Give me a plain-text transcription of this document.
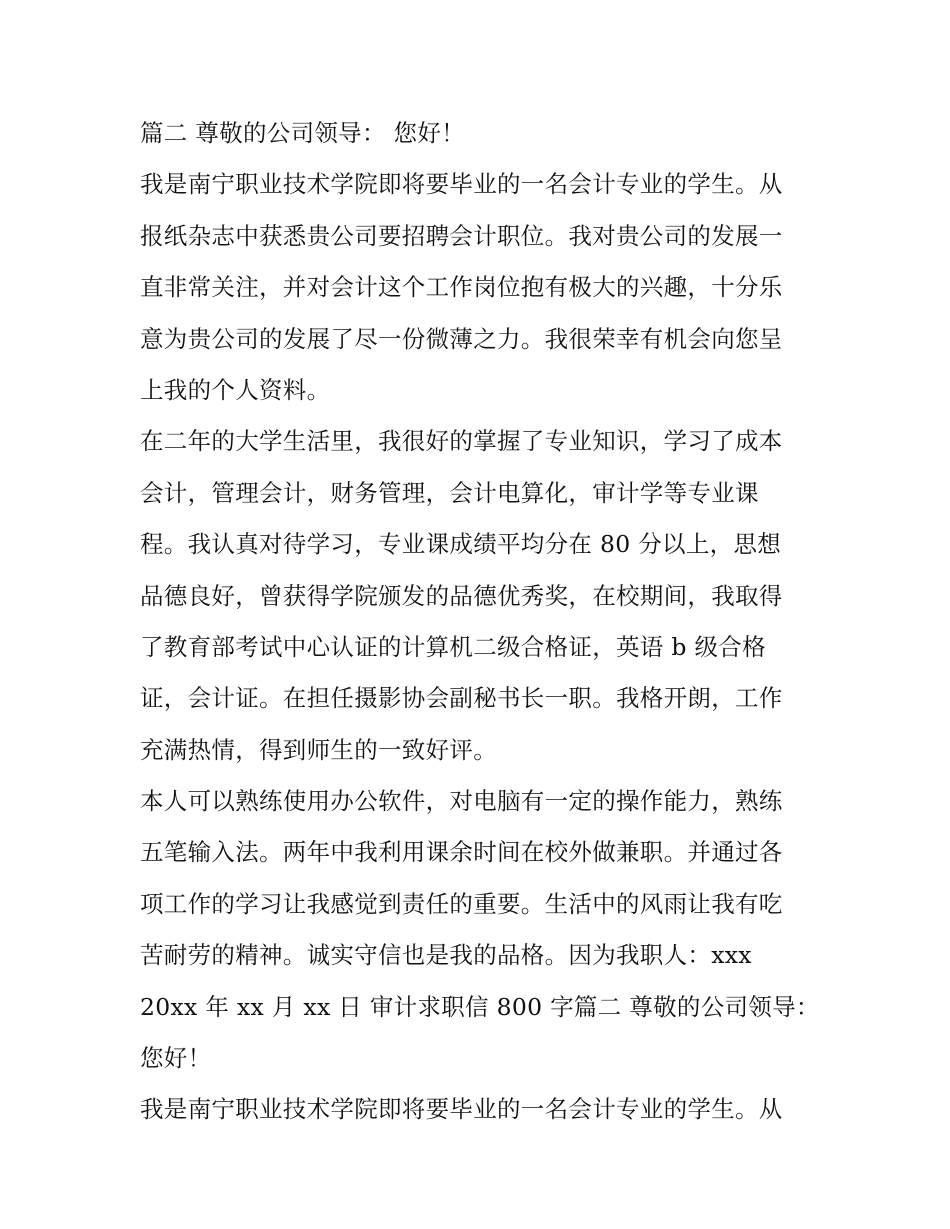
篇二 尊敬的公司领导： 您好！
我是南宁职业技术学院即将要毕业的一名会计专业的学生。从
报纸杂志中获悉贵公司要招聘会计职位。我对贵公司的发展一
直非常关注，并对会计这个工作岗位抱有极大的兴趣，十分乐
意为贵公司的发展了尽一份微薄之力。我很荣幸有机会向您呈
上我的个人资料。
在二年的大学生活里，我很好的掌握了专业知识，学习了成本
会计，管理会计，财务管理，会计电算化，审计学等专业课
程。我认真对待学习，专业课成绩平均分在 80 分以上，思想
品德良好，曾获得学院颁发的品德优秀奖，在校期间，我取得
了教育部考试中心认证的计算机二级合格证，英语 b 级合格
证，会计证。在担任摄影协会副秘书长一职。我格开朗，工作
充满热情，得到师生的一致好评。
本人可以熟练使用办公软件，对电脑有一定的操作能力，熟练
五笔输入法。两年中我利用课余时间在校外做兼职。并通过各
项工作的学习让我感觉到责任的重要。生活中的风雨让我有吃
苦耐劳的精神。诚实守信也是我的品格。因为我职人：xxx
20xx 年 xx 月 xx 日 审计求职信 800 字篇二 尊敬的公司领导：
您好！
我是南宁职业技术学院即将要毕业的一名会计专业的学生。从
